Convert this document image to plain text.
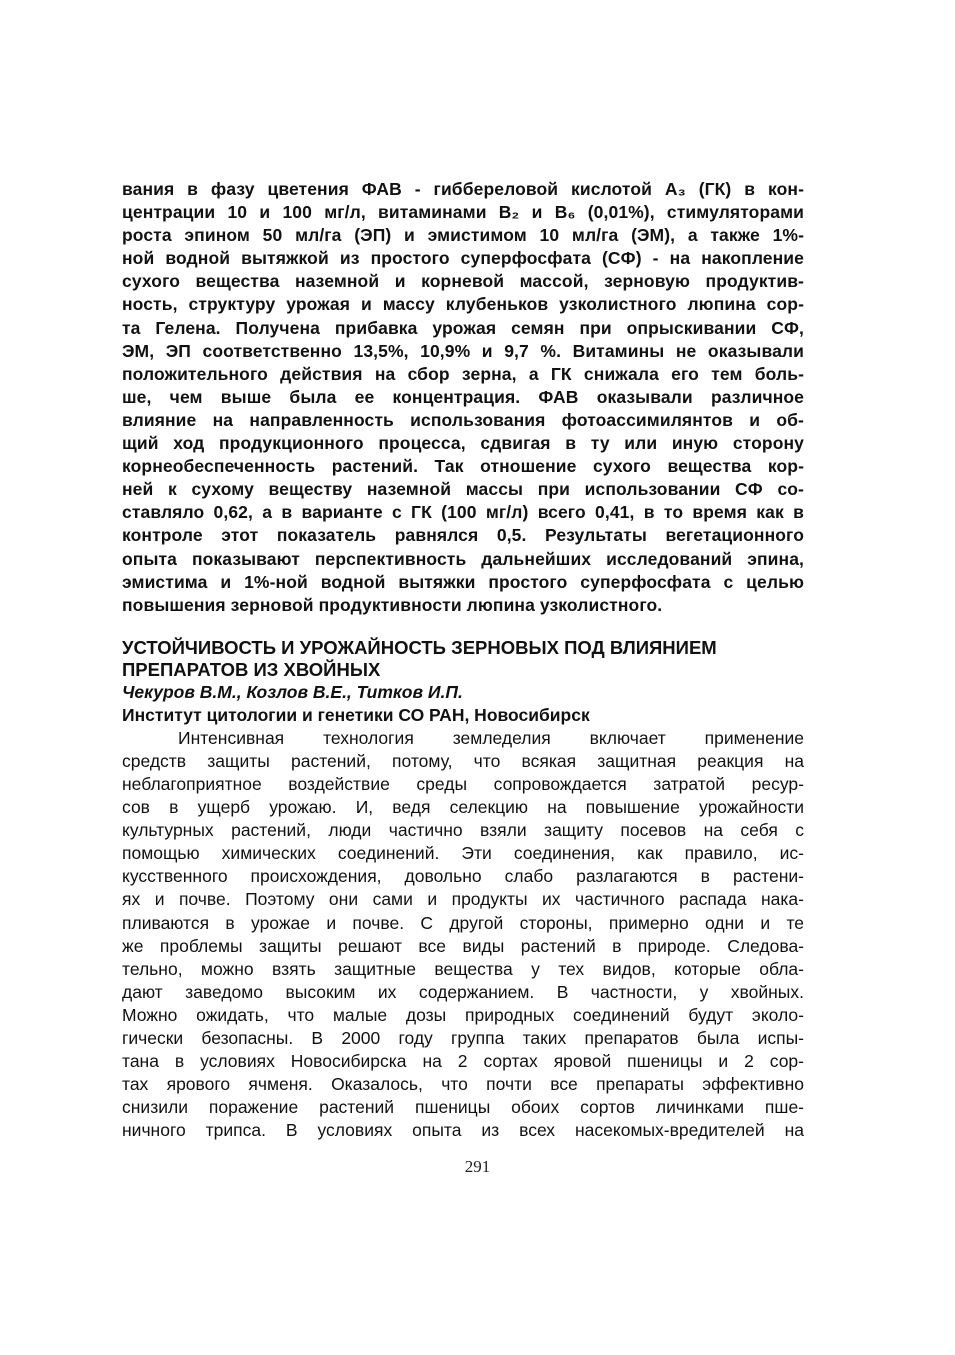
вания в фазу цветения ФАВ - гиббереловой кислотой А₃ (ГК) в кон-
центрации 10 и 100 мг/л, витаминами В₂ и В₆ (0,01%), стимуляторами
роста эпином 50 мл/га (ЭП) и эмистимом 10 мл/га (ЭМ), а также 1%-
ной водной вытяжкой из простого суперфосфата (СФ) - на накопление
сухого вещества наземной и корневой массой, зерновую продуктив-
ность, структуру урожая и массу клубеньков узколистного люпина сор-
та Гелена. Получена прибавка урожая семян при опрыскивании СФ,
ЭМ, ЭП соответственно 13,5%, 10,9% и 9,7 %. Витамины не оказывали
положительного действия на сбор зерна, а ГК снижала его тем боль-
ше, чем выше была ее концентрация. ФАВ оказывали различное
влияние на направленность использования фотоассимилянтов и об-
щий ход продукционного процесса, сдвигая в ту или иную сторону
корнеобеспеченность растений. Так отношение сухого вещества кор-
ней к сухому веществу наземной массы при использовании СФ со-
ставляло 0,62, а в варианте с ГК (100 мг/л) всего 0,41, в то время как в
контроле этот показатель равнялся 0,5. Результаты вегетационного
опыта показывают перспективность дальнейших исследований эпина,
эмистима и 1%-ной водной вытяжки простого суперфосфата с целью
повышения зерновой продуктивности люпина узколистного.
УСТОЙЧИВОСТЬ И УРОЖАЙНОСТЬ ЗЕРНОВЫХ ПОД ВЛИЯНИЕМ
ПРЕПАРАТОВ ИЗ ХВОЙНЫХ
Чекуров В.М., Козлов В.Е., Титков И.П.
Институт цитологии и генетики СО РАН, Новосибирск
Интенсивная технология земледелия включает применение
средств защиты растений, потому, что всякая защитная реакция на
неблагоприятное воздействие среды сопровождается затратой ресур-
сов в ущерб урожаю. И, ведя селекцию на повышение урожайности
культурных растений, люди частично взяли защиту посевов на себя с
помощью химических соединений. Эти соединения, как правило, ис-
кусственного происхождения, довольно слабо разлагаются в растени-
ях и почве. Поэтому они сами и продукты их частичного распада нака-
пливаются в урожае и почве. С другой стороны, примерно одни и те
же проблемы защиты решают все виды растений в природе. Следова-
тельно, можно взять защитные вещества у тех видов, которые обла-
дают заведомо высоким их содержанием. В частности, у хвойных.
Можно ожидать, что малые дозы природных соединений будут эколо-
гически безопасны. В 2000 году группа таких препаратов была испы-
тана в условиях Новосибирска на 2 сортах яровой пшеницы и 2 сор-
тах ярового ячменя. Оказалось, что почти все препараты эффективно
снизили поражение растений пшеницы обоих сортов личинками пше-
ничного трипса. В условиях опыта из всех насекомых-вредителей на
291
